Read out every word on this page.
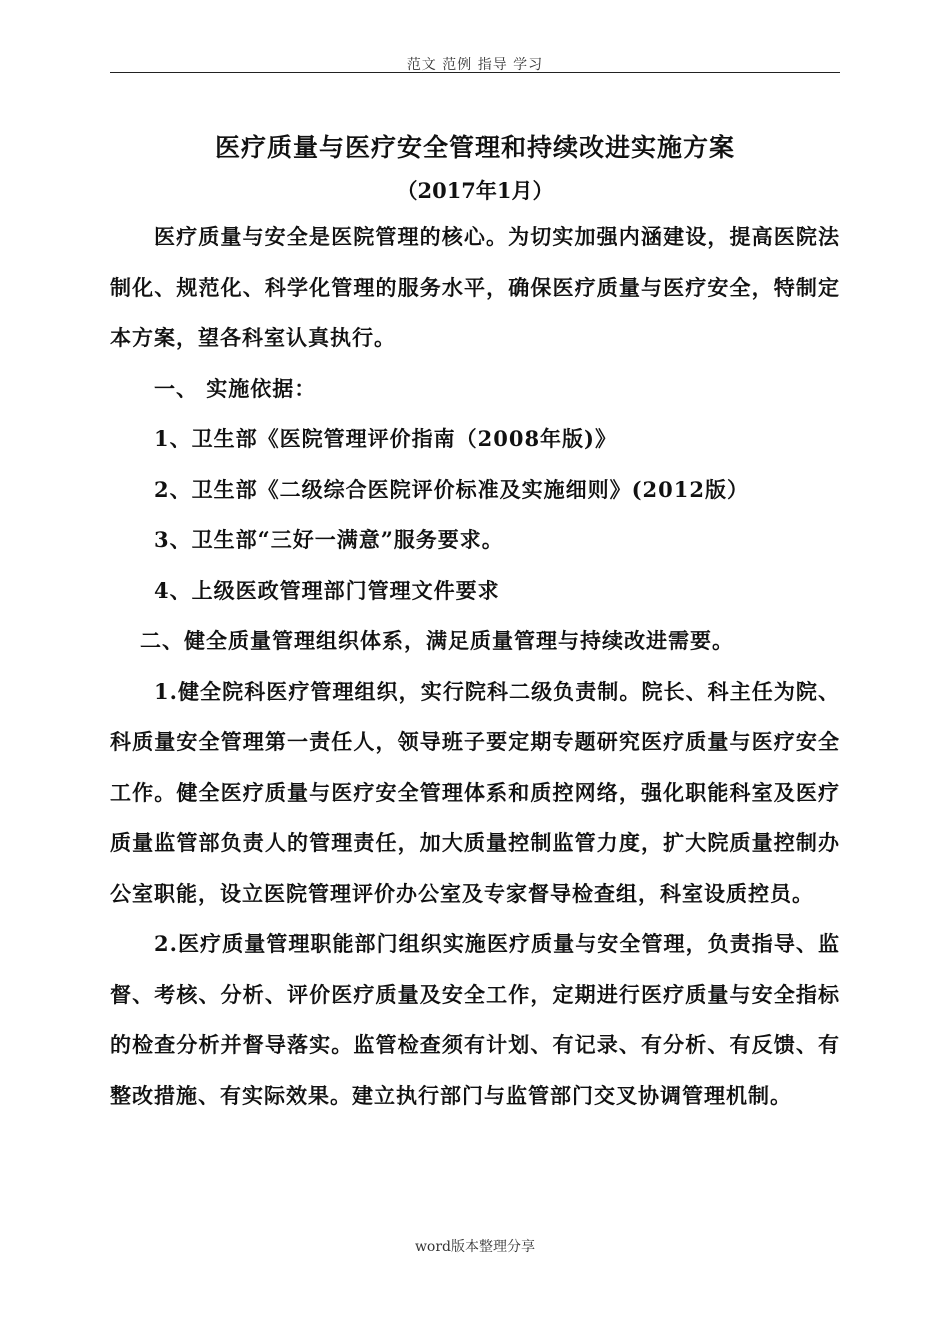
范文 范例 指导 学习
医疗质量与医疗安全管理和持续改进实施方案
（2017年1月）

医疗质量与安全是医院管理的核心。为切实加强内涵建设，提高医院法制化、规范化、科学化管理的服务水平，确保医疗质量与医疗安全，特制定本方案，望各科室认真执行。

一、 实施依据：

1、卫生部《医院管理评价指南（2008年版)》

2、卫生部《二级综合医院评价标准及实施细则》(2012版）

3、卫生部“三好一满意”服务要求。

4、上级医政管理部门管理文件要求

二、健全质量管理组织体系，满足质量管理与持续改进需要。

1.健全院科医疗管理组织，实行院科二级负责制。院长、科主任为院、科质量安全管理第一责任人，领导班子要定期专题研究医疗质量与医疗安全工作。健全医疗质量与医疗安全管理体系和质控网络，强化职能科室及医疗质量监管部负责人的管理责任，加大质量控制监管力度，扩大院质量控制办公室职能，设立医院管理评价办公室及专家督导检查组，科室设质控员。

2.医疗质量管理职能部门组织实施医疗质量与安全管理，负责指导、监督、考核、分析、评价医疗质量及安全工作，定期进行医疗质量与安全指标的检查分析并督导落实。监管检查须有计划、有记录、有分析、有反馈、有整改措施、有实际效果。建立执行部门与监管部门交叉协调管理机制。

word版本整理分享
